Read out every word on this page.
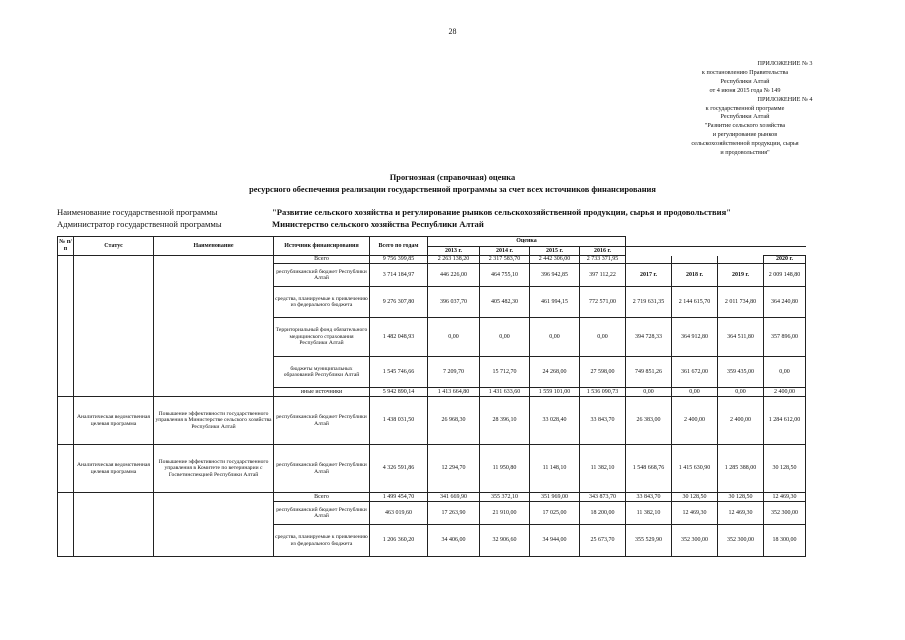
28
ПРИЛОЖЕНИЕ № 3
к постановлению Правительства
Республики Алтай
от 4 июня 2015 года № 149
ПРИЛОЖЕНИЕ № 4
к государственной программе
Республики Алтай
"Развитие сельского хозяйства
и регулирование рынков
сельскохозяйственной продукции, сырья
и продовольствия"
Прогнозная (справочная) оценка
ресурсного обеспечения реализации государственной программы за счет всех источников финансирования
Наименование государственной программы	"Развитие сельского хозяйства и регулирование рынков сельскохозяйственной продукции, сырья и продовольствия"
Администратор государственной программы	Министерство сельского хозяйства Республики Алтай
№ п/п	Статус	Наименование	Источник финансирования	Всего по годам	Оценка							
					2013 г.	2014 г.	2015 г.	2016 г.				
			Всего	9 756 399,85	2 263 138,20	2 317 583,70	2 442 306,00	2 733 371,95				2020 г.
			республиканский бюджет Республики Алтай	3 714 184,97	446 226,00	464 755,10	396 942,85	397 112,22	2017 г.	2018 г.	2019 г.	2 009 148,80
			средства, планируемые к привлечению из федерального бюджета	9 276 307,80	396 037,70	405 482,30	461 994,15	772 571,00	2 719 631,35	2 144 615,70	2 011 734,80	364 240,80
			Территориальный фонд обязательного медицинского страхования Республики Алтай	1 482 048,93	0,00	0,00	0,00	0,00	394 728,33	364 912,80	364 511,80	357 896,00
			бюджеты муниципальных образований Республики Алтай	1 545 746,66	7 209,70	15 712,70	24 268,00	27 598,00	749 851,26	361 672,00	359 435,00	0,00
			иные источники	5 942 890,14	1 413 664,80	1 431 633,60	1 559 101,00	1 536 090,73	0,00	0,00	0,00	2 400,00
	Аналитическая ведомственная целевая программа	Повышение эффективности государственного управления в Министерстве сельского хозяйства Республики Алтай	республиканский бюджет Республики Алтай	1 438 031,50	26 968,30	28 396,10	33 028,40	33 843,70	26 383,00	2 400,00	2 400,00	1 284 612,00
	Аналитическая ведомственная целевая программа	Повышение эффективности государственного управления в Комитете по ветеринарии с Госветинспекцией Республики Алтай	республиканский бюджет Республики Алтай	4 326 591,86	12 294,70	11 950,80	11 148,10	11 382,10	1 548 668,76	1 415 630,90	1 285 388,00	30 128,50
			Всего	1 499 454,70	341 669,90	355 372,10	351 969,00	343 873,70	33 843,70	30 128,50	30 128,50	12 469,30
			республиканский бюджет Республики Алтай	463 019,60	17 263,90	21 910,00	17 025,00	18 200,00	11 382,10	12 469,30	12 469,30	352 300,00
			средства, планируемые к привлечению из федерального бюджета	1 206 360,20	34 406,00	32 906,60	34 944,00	25 673,70	355 529,90	352 300,00	352 300,00	18 300,00
